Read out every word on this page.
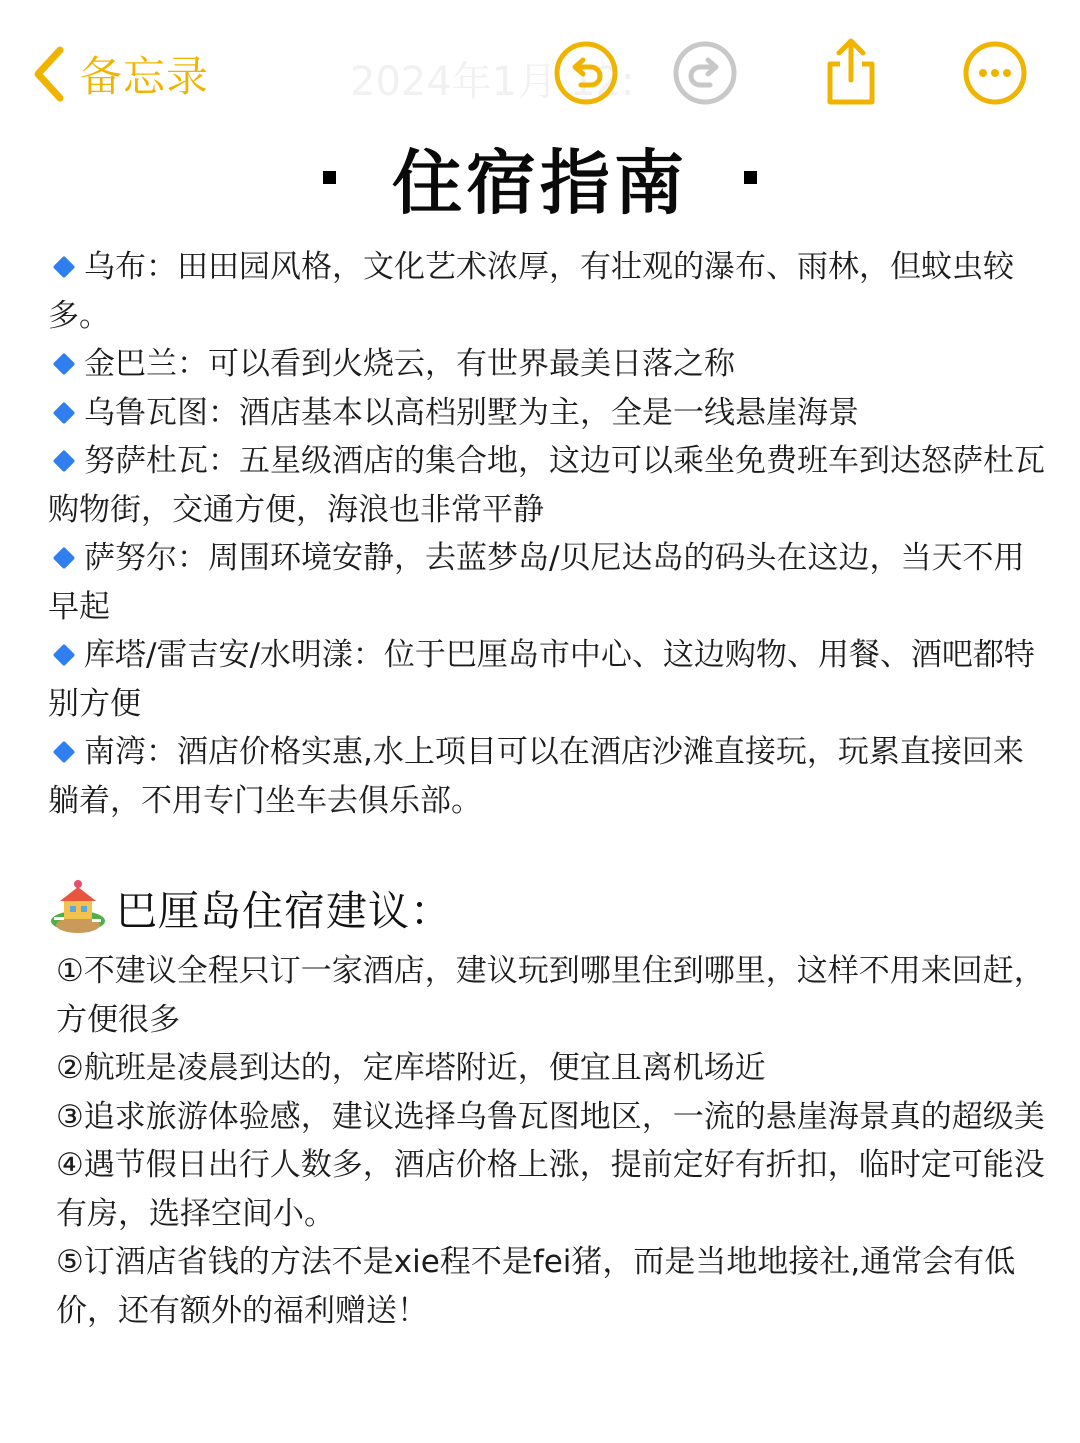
备忘录	2024年1月 12:
住宿指南
乌布：田田园风格，文化艺术浓厚，有壮观的瀑布、雨林，但蚊虫较多。
金巴兰：可以看到火烧云，有世界最美日落之称
乌鲁瓦图：酒店基本以高档别墅为主，全是一线悬崖海景
努萨杜瓦：五星级酒店的集合地，这边可以乘坐免费班车到达怒萨杜瓦购物街，交通方便，海浪也非常平静
萨努尔：周围环境安静，去蓝梦岛/贝尼达岛的码头在这边，当天不用早起
库塔/雷吉安/水明漾：位于巴厘岛市中心、这边购物、用餐、酒吧都特别方便
南湾：酒店价格实惠,水上项目可以在酒店沙滩直接玩，玩累直接回来躺着，不用专门坐车去俱乐部。
巴厘岛住宿建议：
①不建议全程只订一家酒店，建议玩到哪里住到哪里，这样不用来回赶，方便很多
②航班是凌晨到达的，定库塔附近，便宜且离机场近
③追求旅游体验感，建议选择乌鲁瓦图地区，一流的悬崖海景真的超级美
④遇节假日出行人数多，酒店价格上涨，提前定好有折扣，临时定可能没有房，选择空间小。
⑤订酒店省钱的方法不是xie程不是fei猪，而是当地地接社,通常会有低价，还有额外的福利赠送！
